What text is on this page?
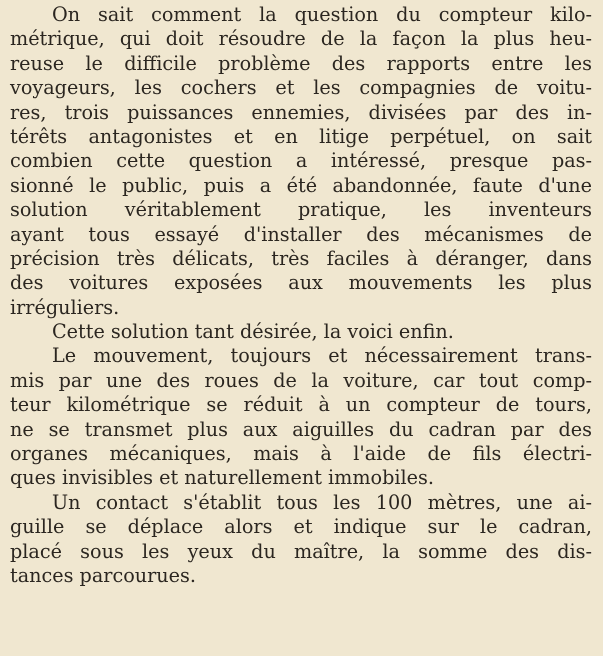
On sait comment la question du compteur kilo-
métrique, qui doit résoudre de la façon la plus heu-
reuse le difficile problème des rapports entre les
voyageurs, les cochers et les compagnies de voitu-
res, trois puissances ennemies, divisées par des in-
térêts antagonistes et en litige perpétuel, on sait
combien cette question a intéressé, presque pas-
sionné le public, puis a été abandonnée, faute d'une
solution véritablement pratique, les inventeurs
ayant tous essayé d'installer des mécanismes de
précision très délicats, très faciles à déranger, dans
des voitures exposées aux mouvements les plus
irréguliers.

Cette solution tant désirée, la voici enfin.

Le mouvement, toujours et nécessairement trans-
mis par une des roues de la voiture, car tout comp-
teur kilométrique se réduit à un compteur de tours,
ne se transmet plus aux aiguilles du cadran par des
organes mécaniques, mais à l'aide de fils électri-
ques invisibles et naturellement immobiles.

Un contact s'établit tous les 100 mètres, une ai-
guille se déplace alors et indique sur le cadran,
placé sous les yeux du maître, la somme des dis-
tances parcourues.
